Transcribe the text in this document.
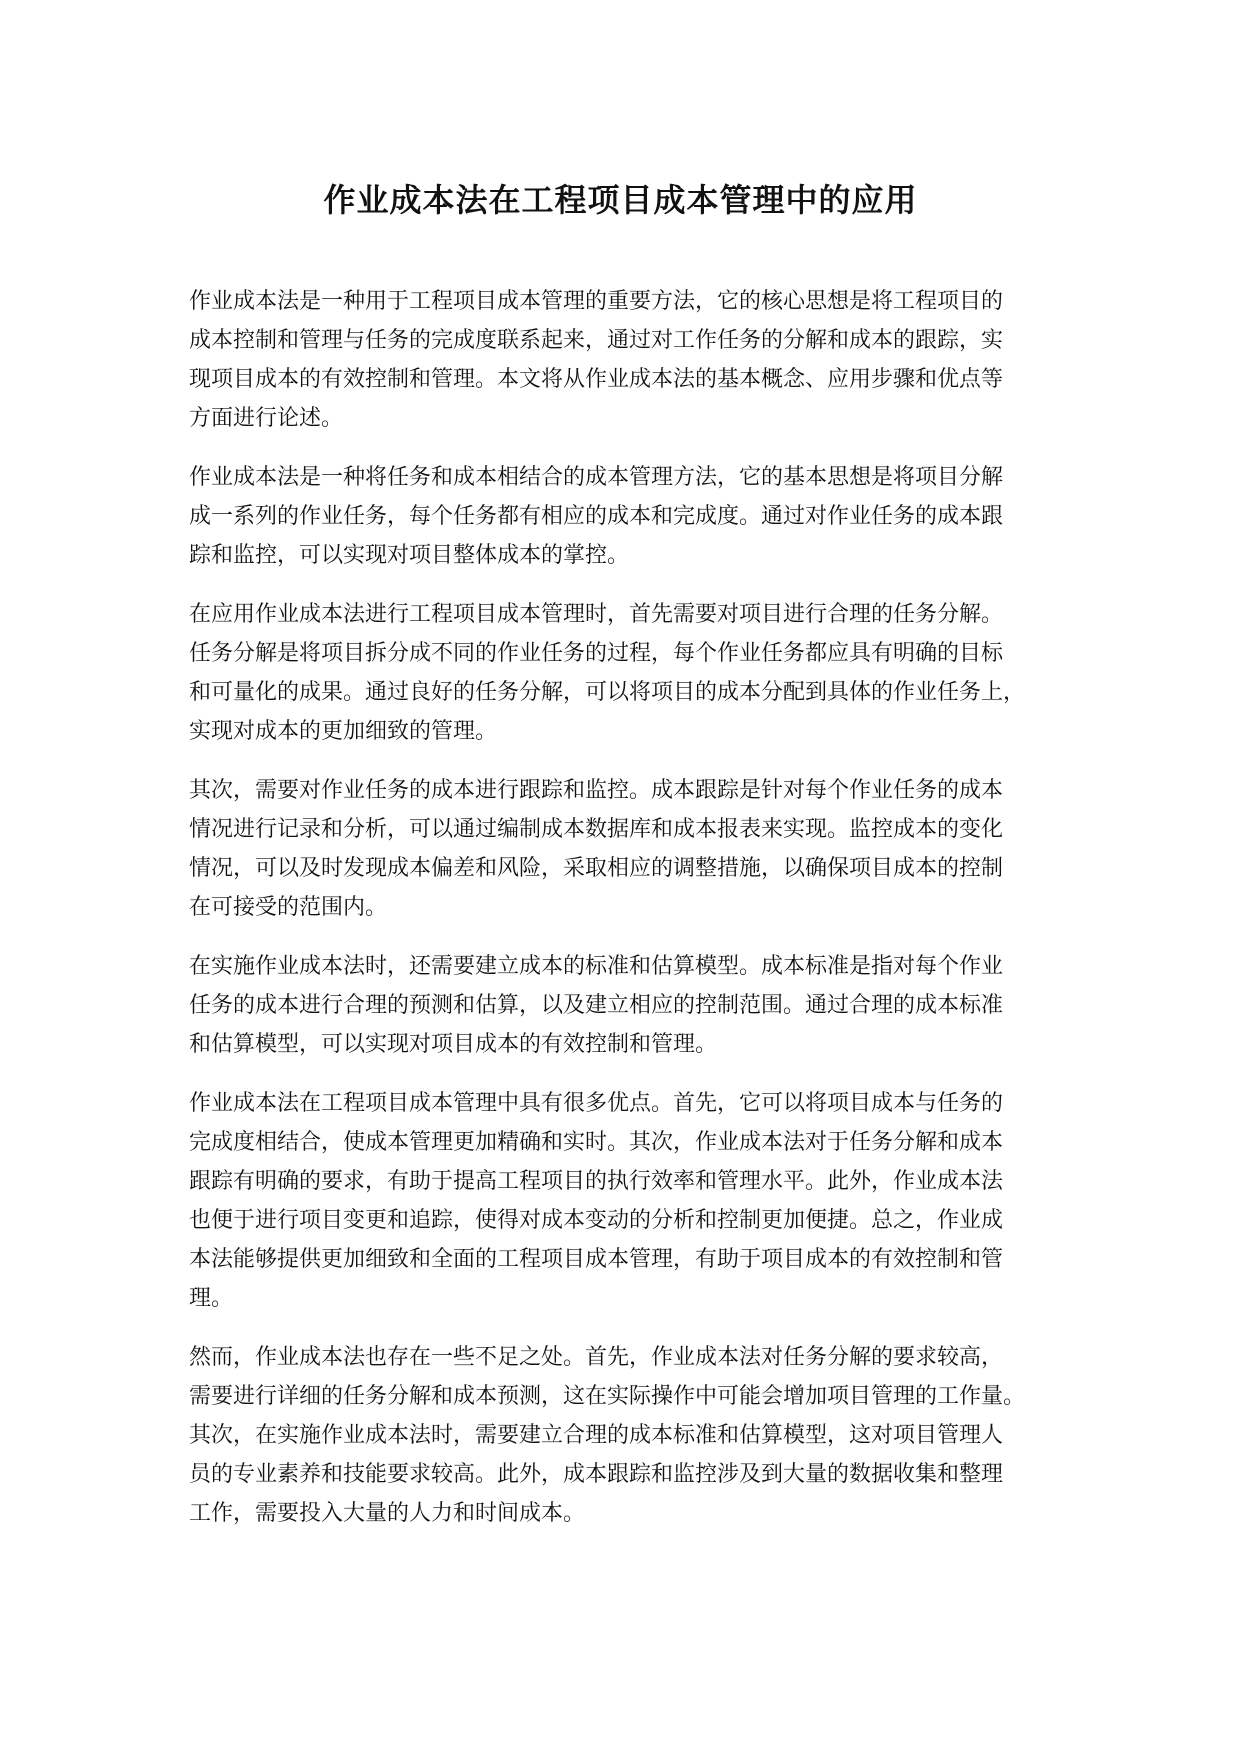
作业成本法在工程项目成本管理中的应用

作业成本法是一种用于工程项目成本管理的重要方法，它的核心思想是将工程项目的
成本控制和管理与任务的完成度联系起来，通过对工作任务的分解和成本的跟踪，实
现项目成本的有效控制和管理。本文将从作业成本法的基本概念、应用步骤和优点等
方面进行论述。

作业成本法是一种将任务和成本相结合的成本管理方法，它的基本思想是将项目分解
成一系列的作业任务，每个任务都有相应的成本和完成度。通过对作业任务的成本跟
踪和监控，可以实现对项目整体成本的掌控。

在应用作业成本法进行工程项目成本管理时，首先需要对项目进行合理的任务分解。
任务分解是将项目拆分成不同的作业任务的过程，每个作业任务都应具有明确的目标
和可量化的成果。通过良好的任务分解，可以将项目的成本分配到具体的作业任务上，
实现对成本的更加细致的管理。

其次，需要对作业任务的成本进行跟踪和监控。成本跟踪是针对每个作业任务的成本
情况进行记录和分析，可以通过编制成本数据库和成本报表来实现。监控成本的变化
情况，可以及时发现成本偏差和风险，采取相应的调整措施，以确保项目成本的控制
在可接受的范围内。

在实施作业成本法时，还需要建立成本的标准和估算模型。成本标准是指对每个作业
任务的成本进行合理的预测和估算，以及建立相应的控制范围。通过合理的成本标准
和估算模型，可以实现对项目成本的有效控制和管理。

作业成本法在工程项目成本管理中具有很多优点。首先，它可以将项目成本与任务的
完成度相结合，使成本管理更加精确和实时。其次，作业成本法对于任务分解和成本
跟踪有明确的要求，有助于提高工程项目的执行效率和管理水平。此外，作业成本法
也便于进行项目变更和追踪，使得对成本变动的分析和控制更加便捷。总之，作业成
本法能够提供更加细致和全面的工程项目成本管理，有助于项目成本的有效控制和管
理。

然而，作业成本法也存在一些不足之处。首先，作业成本法对任务分解的要求较高，
需要进行详细的任务分解和成本预测，这在实际操作中可能会增加项目管理的工作量。
其次，在实施作业成本法时，需要建立合理的成本标准和估算模型，这对项目管理人
员的专业素养和技能要求较高。此外，成本跟踪和监控涉及到大量的数据收集和整理
工作，需要投入大量的人力和时间成本。
